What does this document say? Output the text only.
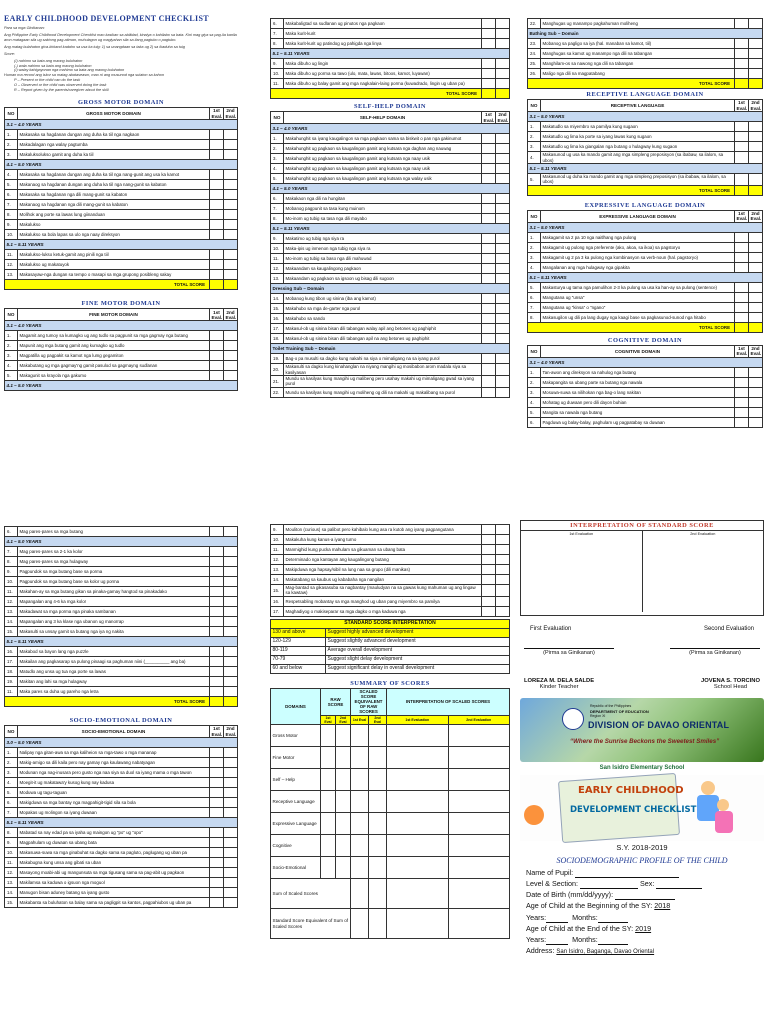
EARLY CHILDHOOD DEVELOPMENT CHECKLIST

Para sa mga Ginikanan:

Ang Philippine Early Childhood Development Checklist mao kasikan sa abilidad, kinaiya o kahilabo sa bata. Kini mag giya sa pag-ila kanila aron matagaan sila ug saktong pag-atiman, muhulagon ug magiyahan sila sa ilang pagtubo o pagtubo.

Ang matag bulahaton giva-kirkand kadaho sa usa ka tuig: 1) sa unangdaan sa taka ug 2) sa ikaduha sa tuig

Score:

(/) nahimo sa bata ang maong buluhaton

(-) wala nahimo sa bata ang maong buluhaton

(/) walay kahigayonan nga mahimo sa bata ang maong buluhaton

Human ma record ang iskor sa matag abataseasm, mao ni ang musunod nga sulaton sa kahon

P – Present or the child can do the task

O – Observed or the child was observed doing the task

R – Report given by the parents/caregiver about the skill

GROSS MOTOR DOMAIN
NO	GROSS MOTOR DOMAIN	1st Eval.	2nd Eval.
3.1 – 4.0 YEARS			
1.	Makasaka sa hagdanan dungan ang duha ka tiil nga nagkaon		
2.	Makadalagan nga walay pagtumba		
3.	Makaluksolukso gamit ang duha ka tiil		
4.1 – 5.0 YEARS			
4.	Makasaka sa hagdanan dungan ang duha ka tiil nga nang-gunit ang usa ka kamot		
5.	Makanaog sa hagdanan dungan ang duha ka tiil nga nang-gunit sa kabaton		
6.	Makasaka sa hagdanan nga dili mang-gunit sa kabaton		
7.	Makanaog sa hagdanan nga dili mang-gunit sa kabaton		
8.	Molihok ang porte sa lawas lung giinanduan		
9.	Makalukso		
10.	Makalukso sa bola lapas sa ulo nga naay direksyon		
5.1 – 5.11 YEARS			
11.	Makalukso-lukso ketuk-gamit ang pinili nga tiil		
12.	Makalukso ug makatuyok		
13.	Makasayaw-nga dungan sa tempo o masapi sa mga grupong posibleng sakay		
TOTAL SCORE			
FINE MOTOR DOMAIN
NO	FINE MOTOR DOMAIN	1st Eval.	2nd Eval.
3.1 – 4.0 YEARS			
1.	Magamit ang tumoy sa kumagko ug ang tudlo sa pagpunit sa mga gagmay nga butang		
2.	Mapunit ang mga butang gamit ang kumagko ug tudlo		
3.	Magpatilla ug pagpakit sa kamot nga lumg gegamiton		
4.	Makabutang ug mga gagmay'ng gamit pasulod sa gagmayng sudlanan		
5.	Makagunit sa krayola nga gakumo		
4.1 – 5.0 YEARS			
6.	Makabaligtad sa sudlanan ug pinutos nga pagkaon		
7.	Maka kurit-kurit		
8.	Maka kurit-kurit ug patindog ug pahigda nga linya		
5.1 – 5.11 YEARS			
9.	Maka dibuho ug lingin		
10.	Maka dibuho ug porma sa tawo (ulo, mata, lawas, bitoos, kamot, luyawan)		
11.	Maka dibuho ug balay gamit ang mga nagkalain-laing porma (kuwadrado, lingin ug uban pa)		
TOTAL SCORE			
SELF-HELP DOMAIN
NO	SELF-HELP DOMAIN	1st Eval.	2nd Eval.
3.1 – 4.0 YEARS			
1.	Makahunghit sa iyang kaugalingon sa mga pagkaon sama sa biskwit o pan nga gakinumot		
2.	Makahunghit ug pagkaon sa kaugalingon gamit ang kutsara nga daghan ang nauwag		
3.	Makahunghit ug pagkaon sa kaugalingon gamit ang kutsara nga naay usik		
4.	Makahunghit ug pagkaon sa kaugalingon gamit ang kutsara nga naay usik		
5.	Makahunghit ug pagkaon sa kaugalingon gamit ang kutsara nga walay usik		
4.1 – 5.0 YEARS			
6.	Makakaon nga dili na hungitan		
7.	Mobanog pagpunit sa tasa kung muinom		
8.	Mo-inom ug tubig sa tasa nga dili mayabo		
5.1 – 5.11 YEARS			
9.	Makatimo ug tubig nga siya ra		
10.	Maka-ipis ug inmenon nga tubig nga siya ra		
11.	Mo-inom ug tubig sa baso nga dili mahuwad		
12.	Makaandam sa kaugalingong pagkaon		
13.	Makaandam ug pagkaon sa igsoon ug bisag dili sugoon		
Dressing Sub – Domain			
14.	Mobanog kung tibon ug sinina (iba ang kamot)		
15.	Makahubo sa mga de-garter nga purol		
16.	Makahubo sa sando		
17.	Makasul-ob ug sinina bisan dili tabangan walay apil ang betones ug paghiphit		
18.	Makasul-ob ug sinina bisan dili tabangan apil na ang betones ug paghiphit		
Toilet Training Sub – Domain			
19.	Bag-o pa musulti sa dagko kung nakahi na siya o mimaligang na sa iyang purol		
20.	Makasulti sa dagko kung kinahanglan na niyang mangihi ug mosibabon arom madala siya sa kasilyasan		
21.	Mundu sa kasilyas kung mangihi ug malibeng pero usahay makahi ug mimaligang gwad sa iyang purol		
22.	Mundu sa kasilyas kung mangihi ug moliheng og dili na makahi ug makalibang sa purol		
22.	Manghugas ug manampo pagkahuman moliheng		
Bathing Sub – Domain			
23.	Mobanog sa pagligo sa iya (hal. manaban sa kamot, tiil)		
24.	Manghugas sa kamot ug manampo nga dili na tabangan		
25.	Manghilam-os sa nawong nga dili na tabangan		
26.	Maligo nga dili na magpatabang		
TOTAL SCORE			
RECEPTIVE LANGUAGE DOMAIN
NO	RECEPTIVE LANGUAGE	1st Eval.	2nd Eval.
3.1 – 5.0 YEARS			
1.	Makatudlo sa miyembro sa pamilya kung sugaon		
2.	Makatudlo ug lima ka porte sa iyang lawas kung sugaon		
3.	Makatudlo ug lima ka giangalan nga butang o hulagway kung sugaon		
4.	Makasunod ug usa ka mando gamit ang mga simpleng preposisyon (sa ibabaw, sa ilalom, sa ubos)		
5.1 – 5.11 YEARS			
5.	Makasunod ug duha ka mando gamit ang mga simpleng preposisyon (sa ibabaw, sa ilalom, sa ubos)		
TOTAL SCORE			
EXPRESSIVE LANGUAGE DOMAIN
NO	EXPRESSIVE LANGUAGE DOMAIN	1st Eval.	2nd Eval.
3.1 – 5.0 YEARS			
1.	Makagamit sa 2 pa 10 nga naitlhang nga pulong		
2.	Makagamit ug pulong nga preferente (ako, akoa, sa ikoa) sa pagstoryo		
3.	Makagamit ug 2 pa 3 ka pulong nga kombinasyon sa verb-noun (hal. pagstoryo)		
4.	Mangalanan ang mga hulagway nga gipakita		
5.1 – 5.11 YEARS			
5.	Makasturya ug tama nga pamulihon 2-3 ka pulong sa usa ka han-ay sa pulong (sentence)		
6.	Mangutana ug "unsa"		
7.	Mangutana ug "kinsa" o "ngano"		
8.	Makasugilon ug dili pa lang dugay nga kaagi base sa pagkasunod-sunod nga hitabo		
TOTAL SCORE			
COGNITIVE DOMAIN
NO	COGNITIVE DOMAIN	1st Eval.	2nd Eval.
3.1 – 4.0 YEARS			
1.	Tan-awon ang direksyon sa nahulog nga butang		
2.	Makapangita sa ubang parte sa butang nga nawala		
3.	Mosuwa-suwa sa nilihokan nga bag-o lang nakitan		
4.	Mohatag ug duwaan pero dili dayon buhian		
5.	Mangita sa nawala nga butang		
6.	Pagduwa ug balay-balay, paghulam ug pagpatabay sa duwaan		
6.	Mag pares-pares sa mga butang		
4.1 – 5.0 YEARS			
7.	Mag pares-pares sa 2-1 ka kolor		
8.	Mag pares-pares sa mga hulagway		
9.	Pagpundok sa mga butang base sa porma		
10.	Pagpundok sa mga butang base sa kolor ug porma		
11.	Makahan-ay sa mga butang gikan sa pinaka-gamay hangtod sa pinakadako		
12.	Mapangalan ang 4-6 ka mga kolor		
13.	Makadawat sa mga porma nga pinaka sambanan		
14.	Mapangalan ang 3 ka klase nga ubanon ug manorrap		
15.	Makasulti sa unsay gamit sa butang nga iya ng nakita		
5.1 – 5.11 YEARS			
16.	Makabod sa bayon lang nga puzzle		
17.	Makailan ang pagkasarap sa pulong pinaagi sa paghuman niini (__________ ang ba)		
18.	Matudlo ang unsa ug tua nga porte sa lawas		
19.	Makitan ang lahi sa mga hulagway		
11.	Maka pares sa duha ug pareho nga letra		
TOTAL SCORE			
SOCIO-EMOTIONAL DOMAIN
NO	SOCIO-EMOTIONAL DOMAIN	1st Eval.	2nd Eval.
3.0 – 5.0 YEARS			
1.	Nalipay nga gitan-awa sa mga kaliheion sa mga-tawo o mga mananap		
2.	Makig-amigo sa dili kaila pero nay gamay nga kaulawang nabatyagan		
3.	Modunan nga nag-inusara pero gusto nga naa siya sa duol sa iyang mama o mga tawon		
4.	Moegit-it ug makatawa'y kusog kung nay kadusa		
5.	Moduwa ug tagu-taguan		
6.	Makigduwa sa mga bantay nga magpahigit-tigid sila sa bola		
7.	Mopakas ug molingon sa iyang duwaan		
5.1 – 5.11 YEARS			
8.	Mabatad sa nay edad pa sa iyaha ug maingon ug "po" ug "opo"		
9.	Magpahulam ug duwaan sa ubang bata		
10.	Makasuwa-suwa sa mga ginabuhat sa dagko sama sa pagluto, paglugang ug uban pa		
11.	Makabugna kung unsa ang gibati sa uban		
12.	Masayong moabi-abi ug mangunsuta sa mga tigusang sama sa pag-abit ug pagkaon		
13.	Makilamsa sa kaduwa o igsuon nga moguol		
14.	Manugon bisan aduney batang sa iyang gusto		
15.	Makabanta sa buluhaton sa balay sama sa pagligpit sa kantos, pagpahiubos ug uban pa		
9.	Mouliton (curious) sa palibot pero kahibalo kung asa ra kutob ang iyang pagpangutana		
10.	Makakuha kung kanus-a iyang turno		
11.	Manmighid kung pucka mahulam sa gikuaman sa ubang bata		
12.	Determinado nga kantayan ang kaugalingong butang		
13.	Makipduwa nga hapsay/sibil na lung naa sa grupo (dili manikas)		
14.	Makatabang sa kaubus ug kababaha nga nangilan		
15.	Mag-bantad sa gikasasuba sa nagbantay (mauludyan na sa gawas kung mahuman ug ang lingaw sa kawtaw)		
16.	Respetsabling mobantay sa mga manghod ug uban pang miyembro sa pamilya		
17.	Maghadiyog o makiseparar sa mga dagko o mga kaduwa nga		
STANDARD SCORE INTERPRETATION	
130 and above	Suggest highly advanced development
120-129	Suggest slightly advanced development
80-119	Average overall development
70-79	Suggest slight delay development
60 and below	Suggest significant delay in overall development
SUMMARY OF SCORES
DOMAINS	RAW SCORE		SCALED SCORE EQUIVALENT OF RAW SCORES		INTERPRETATION OF SCALED SCORES	
	1st Eval	2nd Eval	1st Eval	2nd Eval	1st Evaluation	2nd Evaluation
Gross Motor						
Fine Motor						
Self – Help						
Receptive Language						
Expressive Language						
Cognitive						
Socio-Emotional						
Sum of Scaled Scores						
Standard Score Equivalent of Sum of Scaled Scores						
INTERPRETATION OF STANDARD SCORE
1st Evaluation	2nd Evaluation
First Evaluation	Second Evaluation
(Pirma sa Ginikanan)	(Pirma sa Ginikanan)
LOREZA M. DELA SALDE
Kinder Teacher
JOVENA S. TORCINO
School Head
Republic of the Philippines
DEPARTMENT OF EDUCATION
Region XI
DIVISION OF DAVAO ORIENTAL
“Where the Sunrise Beckons the Sweetest Smiles”
San Isidro Elementary School
EARLY CHILDHOOD
DEVELOPMENT CHECKLIST
S.Y. 2018-2019
SOCIODEMOGRAPHIC PROFILE OF THE CHILD
Name of Pupil:
Level & Section:	Sex:
Date of Birth (mm/dd/yyyy):
Age of Child at the Beginning of the SY: 2018
Years:	Months:
Age of Child at the End of the SY: 2019
Years:	Months:
Address: San Isidro, Baganga, Davao Oriental
